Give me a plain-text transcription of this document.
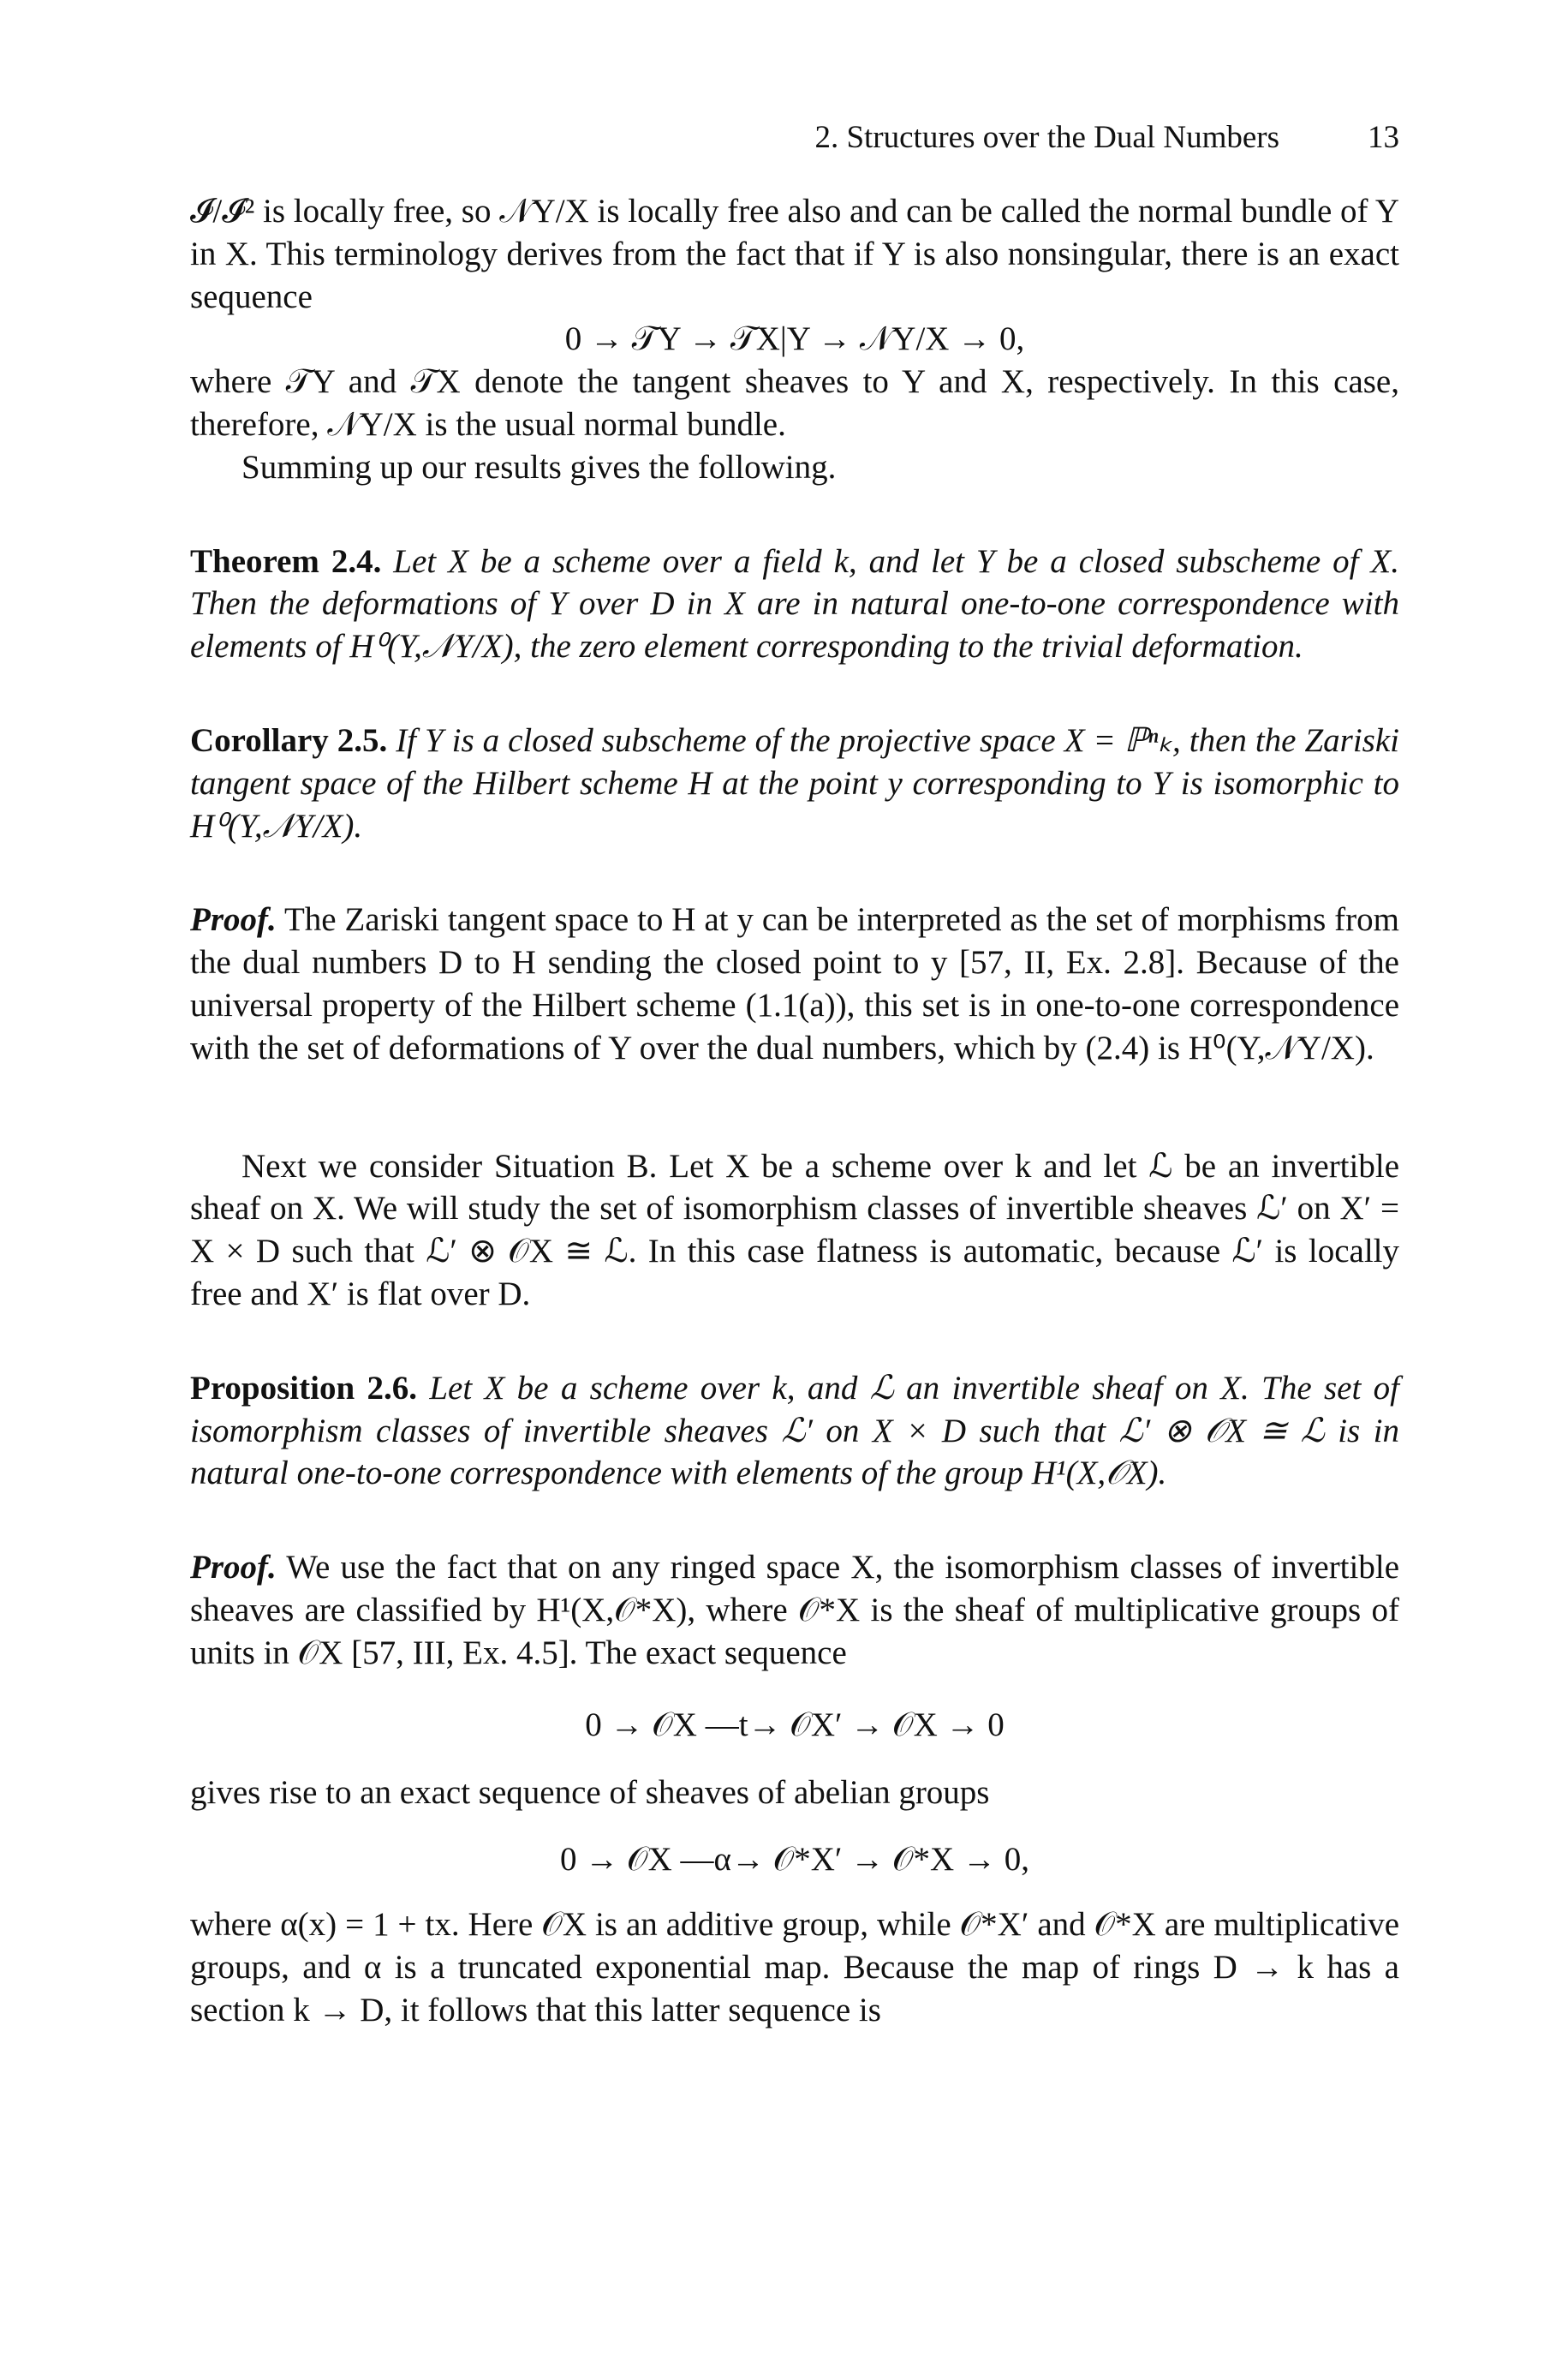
2. Structures over the Dual Numbers	13

𝓘/𝓘² is locally free, so 𝒩Y/X is locally free also and can be called the normal bundle of Y in X. This terminology derives from the fact that if Y is also nonsingular, there is an exact sequence

0 → 𝒯Y → 𝒯X|Y → 𝒩Y/X → 0,

where 𝒯Y and 𝒯X denote the tangent sheaves to Y and X, respectively. In this case, therefore, 𝒩Y/X is the usual normal bundle.

Summing up our results gives the following.

Theorem 2.4. Let X be a scheme over a field k, and let Y be a closed subscheme of X. Then the deformations of Y over D in X are in natural one-to-one correspondence with elements of H⁰(Y,𝒩Y/X), the zero element corresponding to the trivial deformation.

Corollary 2.5. If Y is a closed subscheme of the projective space X = ℙⁿₖ, then the Zariski tangent space of the Hilbert scheme H at the point y corresponding to Y is isomorphic to H⁰(Y,𝒩Y/X).

Proof. The Zariski tangent space to H at y can be interpreted as the set of morphisms from the dual numbers D to H sending the closed point to y [57, II, Ex. 2.8]. Because of the universal property of the Hilbert scheme (1.1(a)), this set is in one-to-one correspondence with the set of deformations of Y over the dual numbers, which by (2.4) is H⁰(Y,𝒩Y/X).

Next we consider Situation B. Let X be a scheme over k and let ℒ be an invertible sheaf on X. We will study the set of isomorphism classes of invertible sheaves ℒ′ on X′ = X × D such that ℒ′ ⊗ 𝒪X ≅ ℒ. In this case flatness is automatic, because ℒ′ is locally free and X′ is flat over D.

Proposition 2.6. Let X be a scheme over k, and ℒ an invertible sheaf on X. The set of isomorphism classes of invertible sheaves ℒ′ on X × D such that ℒ′ ⊗ 𝒪X ≅ ℒ is in natural one-to-one correspondence with elements of the group H¹(X,𝒪X).

Proof. We use the fact that on any ringed space X, the isomorphism classes of invertible sheaves are classified by H¹(X,𝒪*X), where 𝒪*X is the sheaf of multiplicative groups of units in 𝒪X [57, III, Ex. 4.5]. The exact sequence

0 → 𝒪X —t→ 𝒪X′ → 𝒪X → 0

gives rise to an exact sequence of sheaves of abelian groups

0 → 𝒪X —α→ 𝒪*X′ → 𝒪*X → 0,

where α(x) = 1 + tx. Here 𝒪X is an additive group, while 𝒪*X′ and 𝒪*X are multiplicative groups, and α is a truncated exponential map. Because the map of rings D → k has a section k → D, it follows that this latter sequence is
